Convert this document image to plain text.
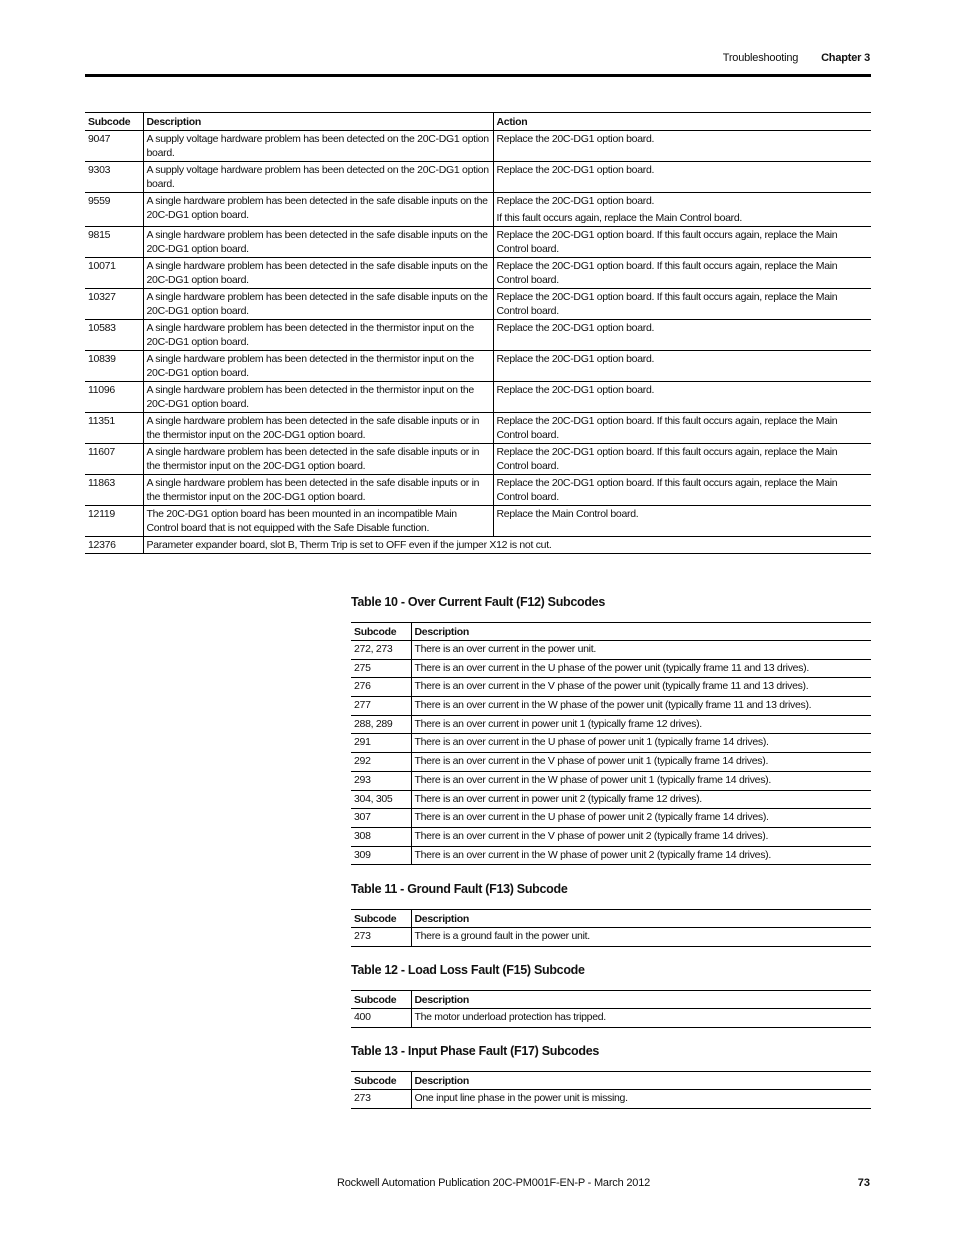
Troubleshooting Chapter 3
Subcode	Description	Action
9047	A supply voltage hardware problem has been detected on the 20C-DG1 option board.	Replace the 20C-DG1 option board.

9303	A supply voltage hardware problem has been detected on the 20C-DG1 option board.	Replace the 20C-DG1 option board.

9559	A single hardware problem has been detected in the safe disable inputs on the 20C-DG1 option board.	Replace the 20C-DG1 option board.

If this fault occurs again, replace the Main Control board.

9815	A single hardware problem has been detected in the safe disable inputs on the 20C-DG1 option board.	Replace the 20C-DG1 option board. If this fault occurs again, replace the Main Control board.

10071	A single hardware problem has been detected in the safe disable inputs on the 20C-DG1 option board.	Replace the 20C-DG1 option board. If this fault occurs again, replace the Main Control board.

10327	A single hardware problem has been detected in the safe disable inputs on the 20C-DG1 option board.	Replace the 20C-DG1 option board. If this fault occurs again, replace the Main Control board.

10583	A single hardware problem has been detected in the thermistor input on the 20C-DG1 option board.	Replace the 20C-DG1 option board.

10839	A single hardware problem has been detected in the thermistor input on the 20C-DG1 option board.	Replace the 20C-DG1 option board.

11096	A single hardware problem has been detected in the thermistor input on the 20C-DG1 option board.	Replace the 20C-DG1 option board.

11351	A single hardware problem has been detected in the safe disable inputs or in the thermistor input on the 20C-DG1 option board.	Replace the 20C-DG1 option board. If this fault occurs again, replace the Main Control board.

11607	A single hardware problem has been detected in the safe disable inputs or in the thermistor input on the 20C-DG1 option board.	Replace the 20C-DG1 option board. If this fault occurs again, replace the Main Control board.

11863	A single hardware problem has been detected in the safe disable inputs or in the thermistor input on the 20C-DG1 option board.	Replace the 20C-DG1 option board. If this fault occurs again, replace the Main Control board.

12119	The 20C-DG1 option board has been mounted in an incompatible Main Control board that is not equipped with the Safe Disable function.	Replace the Main Control board.

12376	Parameter expander board, slot B, Therm Trip is set to OFF even if the jumper X12 is not cut.	
Table 10 - Over Current Fault (F12) Subcodes
Subcode	Description
272, 273	There is an over current in the power unit.
275	There is an over current in the U phase of the power unit (typically frame 11 and 13 drives).
276	There is an over current in the V phase of the power unit (typically frame 11 and 13 drives).
277	There is an over current in the W phase of the power unit (typically frame 11 and 13 drives).
288, 289	There is an over current in power unit 1 (typically frame 12 drives).
291	There is an over current in the U phase of power unit 1 (typically frame 14 drives).
292	There is an over current in the V phase of power unit 1 (typically frame 14 drives).
293	There is an over current in the W phase of power unit 1 (typically frame 14 drives).
304, 305	There is an over current in power unit 2 (typically frame 12 drives).
307	There is an over current in the U phase of power unit 2 (typically frame 14 drives).
308	There is an over current in the V phase of power unit 2 (typically frame 14 drives).
309	There is an over current in the W phase of power unit 2 (typically frame 14 drives).
Table 11 - Ground Fault (F13) Subcode
Subcode	Description
273	There is a ground fault in the power unit.
Table 12 - Load Loss Fault (F15) Subcode
Subcode	Description
400	The motor underload protection has tripped.
Table 13 - Input Phase Fault (F17) Subcodes
Subcode	Description
273	One input line phase in the power unit is missing.
Rockwell Automation Publication 20C-PM001F-EN-P - March 2012	73
